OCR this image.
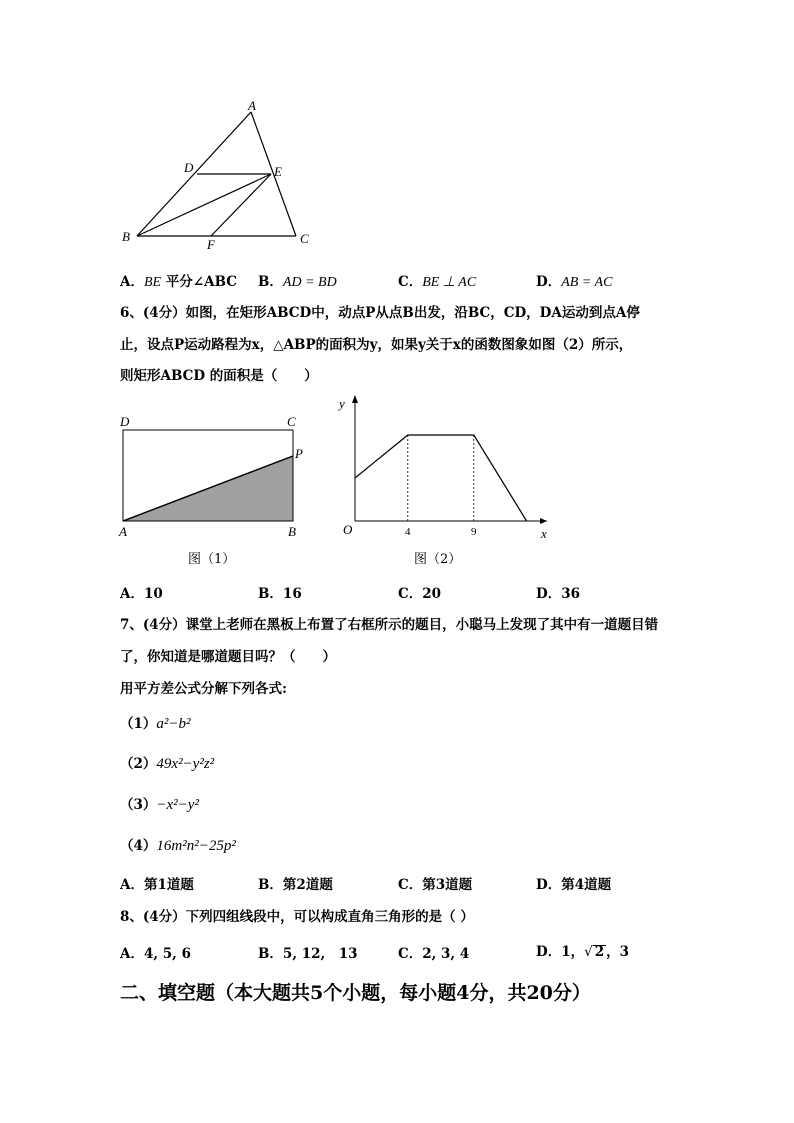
A
D	E
B
F	C
A．BE 平分∠ABC B．AD = BD	C．BE ⊥ AC	D．AB = AC
6、(4分）如图，在矩形ABCD中，动点P从点B出发，沿BC，CD，DA运动到点A停
止，设点P运动路程为x，△ABP的面积为y，如果y关于x的函数图象如图（2）所示，
则矩形ABCD 的面积是（　　）
D	C
P
A	B
图（1）
y
x
O	4	9
图（2）
A．10	B．16	C．20	D．36
7、(4分）课堂上老师在黑板上布置了右框所示的题目，小聪马上发现了其中有一道题目错
了，你知道是哪道题目吗？（　　）
用平方差公式分解下列各式:
（1）a²−b²
（2）49x²−y²z²
（3）−x²−y²
（4）16m²n²−25p²
A．第1道题	B．第2道题	C．第3道题	D．第4道题
8、(4分）下列四组线段中，可以构成直角三角形的是（ ）
A．4, 5, 6	B．5, 12,　13	C．2, 3, 4	D．1，√ 2 ，3
二、填空题（本大题共5个小题，每小题4分，共20分）
